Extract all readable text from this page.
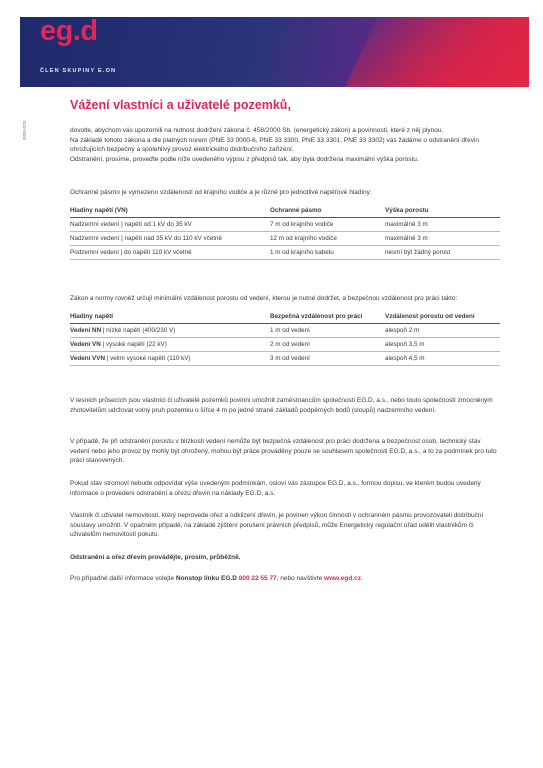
eg.d
ČLEN SKUPINY E.ON
0335-078
Vážení vlastníci a uživatelé pozemků,
dovolte, abychom vás upozornili na nutnost dodržení zákona č. 458/2000 Sb. (energetický zákon) a povinnosti, které z něj plynou.
Na základě tohoto zákona a dle platných norem (PNE 33 0000-6, PNE 33 3300, PNE 33 3301, PNE 33 3302) vás žádáme o odstranění dřevin ohrožujících bezpečný a spolehlivý provoz elektrického distribučního zařízení.
Odstranění, prosíme, proveďte podle níže uvedeného výpisu z předpisů tak, aby byla dodržena maximální výška porostu.
Ochranné pásmo je vymezeno vzdáleností od krajního vodiče a je různé pro jednotlivé napěťové hladiny:
Hladiny napětí (VN)	Ochranné pásmo	Výška porostu
Nadzemní vedení | napětí od 1 kV do 35 kV	7 m od krajního vodiče	maximálně 3 m
Nadzemní vedení | napětí nad 35 kV do 110 kV včetně	12 m od krajního vodiče	maximálně 3 m
Podzemní vedení | do napětí 110 kV včetně	1 m od krajního kabelu	nesmí být žádný porost
Zákon a normy rovněž určují minimální vzdálenost porostu od vedení, kterou je nutné dodržet, a bezpečnou vzdálenost pro práci takto:
Hladiny napětí	Bezpečná vzdálenost pro práci	Vzdálenost porostu od vedení
Vedení NN | nízké napětí (400/230 V)	1 m od vedení	alespoň 2 m
Vedení VN | vysoké napětí (22 kV)	2 m od vedení	alespoň 3,5 m
Vedení VVN | velmi vysoké napětí (110 kV)	3 m od vedení	alespoň 4,5 m
V lesních průsecích jsou vlastníci či uživatelé pozemků povinni umožnit zaměstnancům společnosti EG.D, a.s., nebo touto společností zmocněným zhotovitelům udržovat volný pruh pozemku o šířce 4 m po jedné straně základů podpěrných bodů (sloupů) nadzemního vedení.
V případě, že při odstranění porostu v blízkosti vedení nemůže být bezpečná vzdálenost pro práci dodržena a bezpečnost osob, technický stav vedení nebo jeho provoz by mohly být ohroženy, mohou být práce prováděny pouze se souhlasem společnosti EG.D, a.s., a to za podmínek pro tuto práci stanovených.
Pokud stav stromoví nebude odpovídat výše uvedeným podmínkám, osloví vás zástupce EG.D, a.s., formou dopisu, ve kterém budou uvedeny informace o provedení odstranění a ořezu dřevin na náklady EG.D, a.s.
Vlastník či uživatel nemovitosti, který neprovede ořez a odklizení dřevin, je povinen výkon činnosti v ochranném pásmu provozovateli distribuční soustavy umožnit. V opačném případě, na základě zjištění porušení právních předpisů, může Energetický regulační úřad udělit vlastníkům či uživatelům nemovitostí pokutu.
Odstranění a ořez dřevin provádějte, prosím, průběžně.
Pro případné další informace volejte Nonstop linku EG.D 800 22 55 77, nebo navštivte www.egd.cz.
